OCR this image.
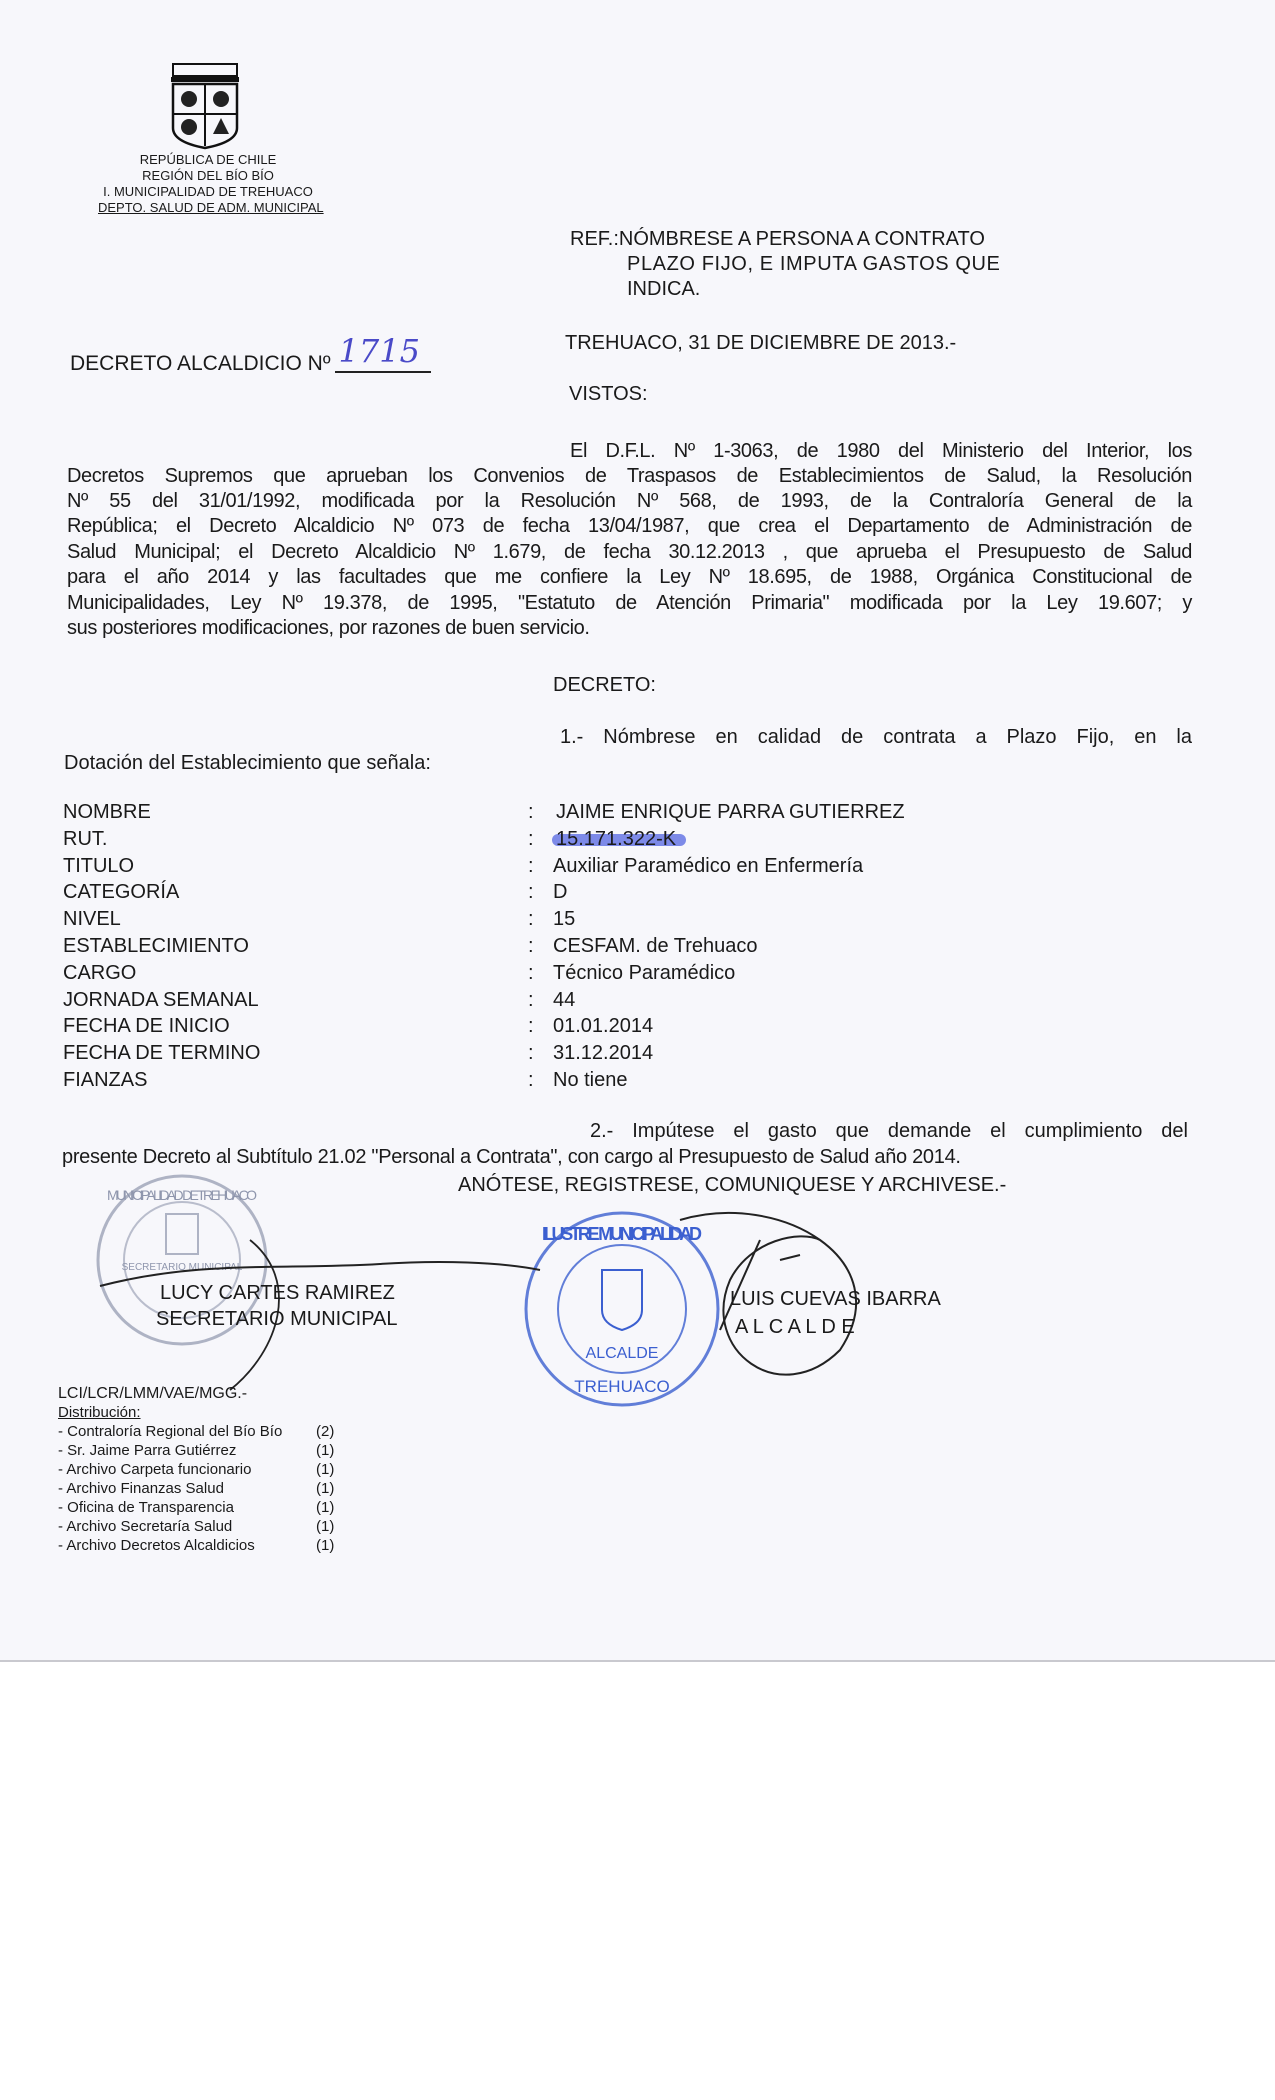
REPÚBLICA DE CHILE
REGIÓN DEL BÍO BÍO
I. MUNICIPALIDAD DE TREHUACO
DEPTO. SALUD DE ADM. MUNICIPAL
REF.:NÓMBRESE A PERSONA A CONTRATO
PLAZO FIJO, E IMPUTA GASTOS QUE
INDICA.
DECRETO ALCALDICIO Nº 1715	TREHUACO, 31 DE DICIEMBRE DE 2013.-
VISTOS:
El D.F.L. Nº 1-3063, de 1980 del Ministerio del Interior, los
Decretos Supremos que aprueban los Convenios de Traspasos de Establecimientos de Salud, la Resolución
Nº 55 del 31/01/1992, modificada por la Resolución Nº 568, de 1993, de la Contraloría General de la
República; el Decreto Alcaldicio Nº 073 de fecha 13/04/1987, que crea el Departamento de Administración de
Salud Municipal; el Decreto Alcaldicio Nº 1.679, de fecha 30.12.2013 , que aprueba el Presupuesto de Salud
para el año 2014 y las facultades que me confiere la Ley Nº 18.695, de 1988, Orgánica Constitucional de
Municipalidades, Ley Nº 19.378, de 1995, "Estatuto de Atención Primaria" modificada por la Ley 19.607; y
sus posteriores modificaciones, por razones de buen servicio.
DECRETO:
1.- Nómbrese en calidad de contrata a Plazo Fijo, en la
Dotación del Establecimiento que señala:
NOMBRE	: JAIME ENRIQUE PARRA GUTIERREZ
RUT.	: 15.171.322-K
TITULO	: Auxiliar Paramédico en Enfermería
CATEGORÍA	: D
NIVEL	: 15
ESTABLECIMIENTO	: CESFAM. de Trehuaco
CARGO	: Técnico Paramédico
JORNADA SEMANAL	: 44
FECHA DE INICIO	: 01.01.2014
FECHA DE TERMINO	: 31.12.2014
FIANZAS	: No tiene
2.- Impútese el gasto que demande el cumplimiento del
presente Decreto al Subtítulo 21.02 "Personal a Contrata", con cargo al Presupuesto de Salud año 2014.
ANÓTESE, REGISTRESE, COMUNIQUESE Y ARCHIVESE.-
MUNICIPALIDAD DE TREHUACO
SECRETARIO MUNICIPAL
ILUSTRE MUNICIPALIDAD
ALCALDE
TREHUACO
LUCY CARTES RAMIREZ
SECRETARIO MUNICIPAL
LUIS CUEVAS IBARRA
A L C A L D E
LCI/LCR/LMM/VAE/MGG.-
Distribución:
- Contraloría Regional del Bío Bío (2)
- Sr. Jaime Parra Gutiérrez	(1)
- Archivo Carpeta funcionario	(1)
- Archivo Finanzas Salud	(1)
- Oficina de Transparencia	(1)
- Archivo Secretaría Salud	(1)
- Archivo Decretos Alcaldicios	(1)
